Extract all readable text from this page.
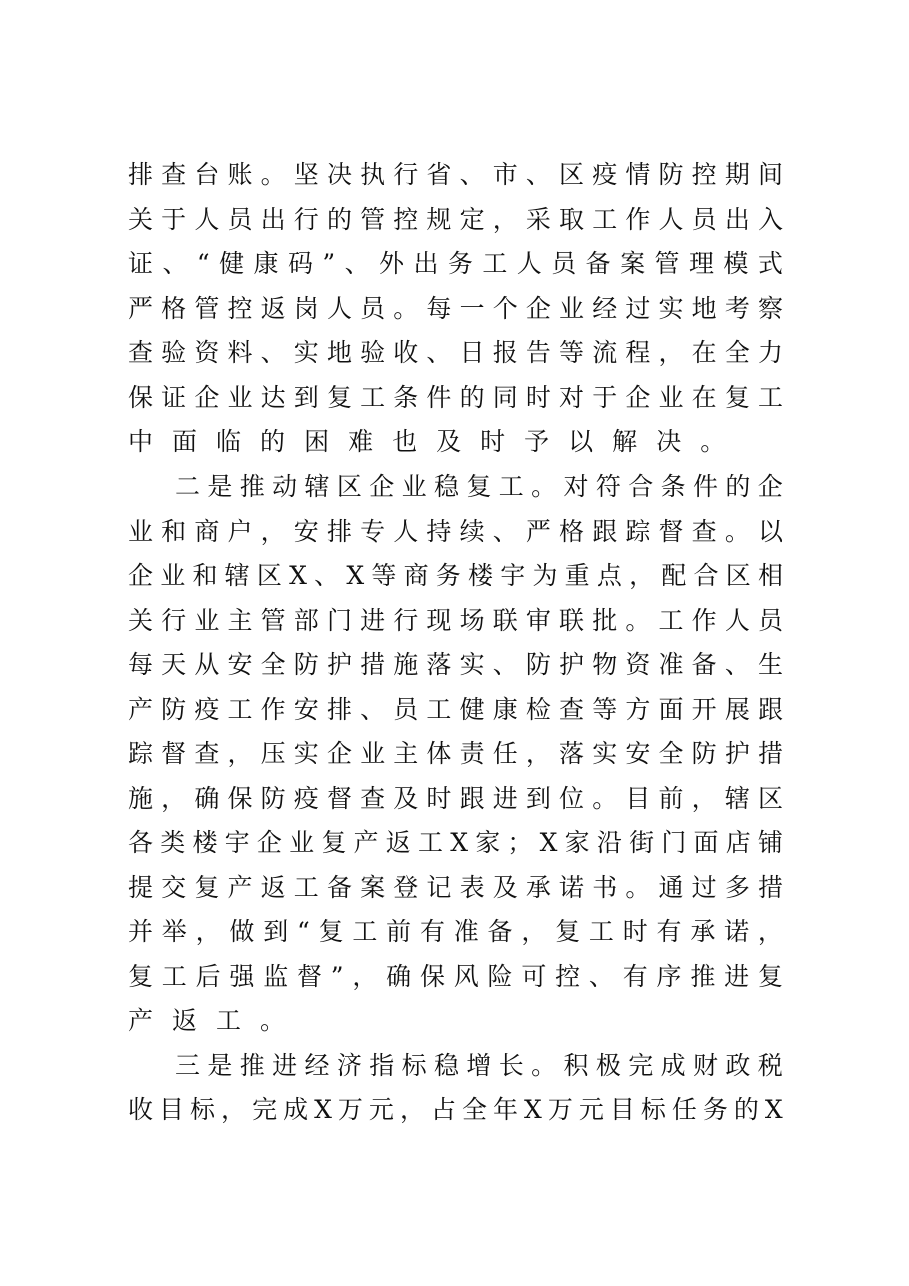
排 查 台 账 。 坚 决 执 行 省 、 市 、 区 疫 情 防 控 期 间
关 于 人 员 出 行 的 管 控 规 定 ， 采 取 工 作 人 员 出 入
证 、 “ 健 康 码 ” 、 外 出 务 工 人 员 备 案 管 理 模 式
严 格 管 控 返 岗 人 员 。 每 一 个 企 业 经 过 实 地 考 察
查 验 资 料 、 实 地 验 收 、 日 报 告 等 流 程 ， 在 全 力
保 证 企 业 达 到 复 工 条 件 的 同 时 对 于 企 业 在 复 工
中 面 临 的 困 难 也 及 时 予 以 解 决 。
二 是 推 动 辖 区 企 业 稳 复 工 。 对 符 合 条 件 的 企
业 和 商 户 ， 安 排 专 人 持 续 、 严 格 跟 踪 督 查 。 以
企 业 和 辖 区 X 、 X 等 商 务 楼 宇 为 重 点 ， 配 合 区 相
关 行 业 主 管 部 门 进 行 现 场 联 审 联 批 。 工 作 人 员
每 天 从 安 全 防 护 措 施 落 实 、 防 护 物 资 准 备 、 生
产 防 疫 工 作 安 排 、 员 工 健 康 检 查 等 方 面 开 展 跟
踪 督 查 ， 压 实 企 业 主 体 责 任 ， 落 实 安 全 防 护 措
施 ， 确 保 防 疫 督 查 及 时 跟 进 到 位 。 目 前 ， 辖 区
各 类 楼 宇 企 业 复 产 返 工 X 家 ； X 家 沿 街 门 面 店 铺
提 交 复 产 返 工 备 案 登 记 表 及 承 诺 书 。 通 过 多 措
并 举 ， 做 到 “ 复 工 前 有 准 备 ， 复 工 时 有 承 诺 ，
复 工 后 强 监 督 ” ， 确 保 风 险 可 控 、 有 序 推 进 复
产 返 工 。
三 是 推 进 经 济 指 标 稳 增 长 。 积 极 完 成 财 政 税
收 目 标 ， 完 成 X 万 元 ， 占 全 年 X 万 元 目 标 任 务 的 X
